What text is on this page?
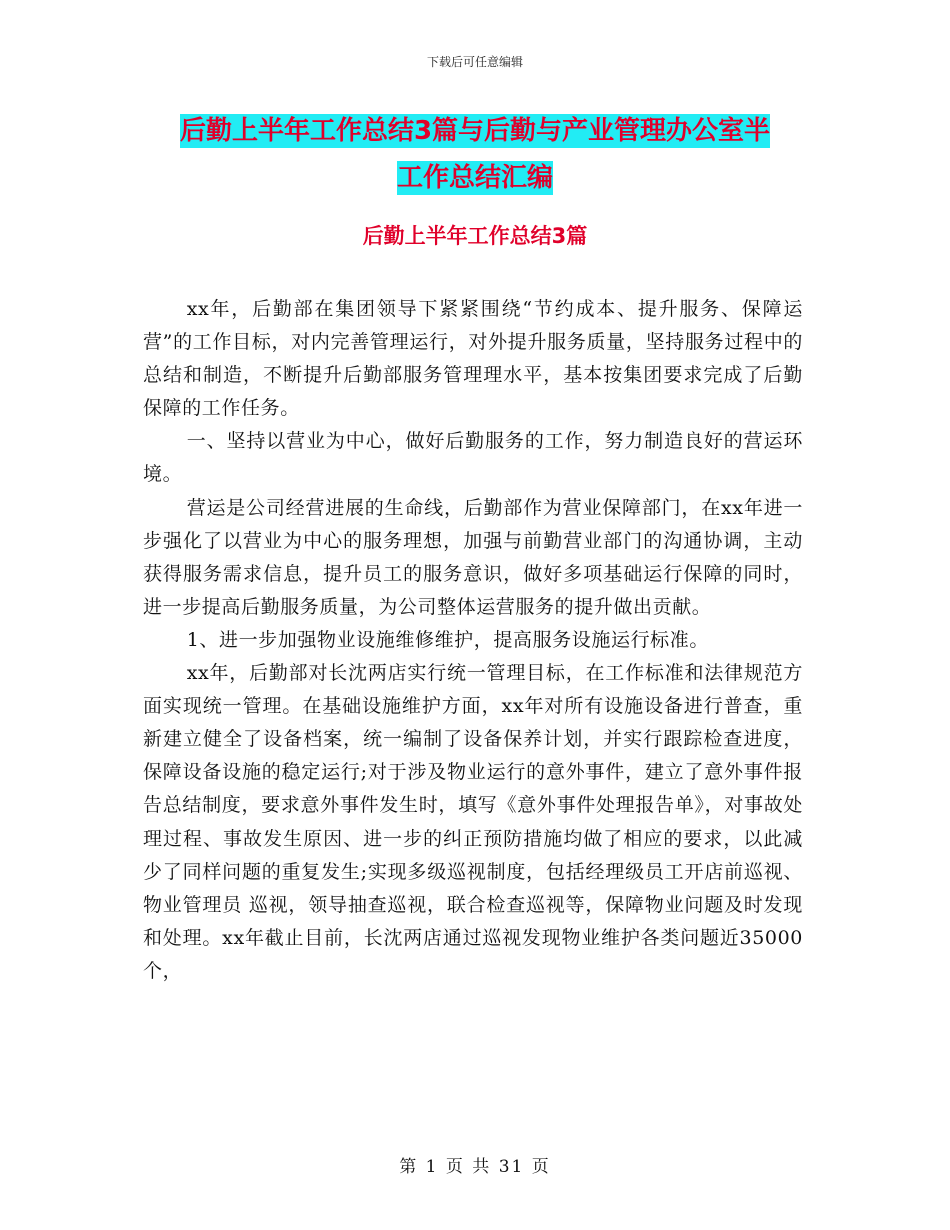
下载后可任意编辑
后勤上半年工作总结3篇与后勤与产业管理办公室半
工作总结汇编
后勤上半年工作总结3篇

xx年，后勤部在集团领导下紧紧围绕“节约成本、提升服务、保障运营”的工作目标，对内完善管理运行，对外提升服务质量，坚持服务过程中的总结和制造，不断提升后勤部服务管理理水平，基本按集团要求完成了后勤保障的工作任务。

一、坚持以营业为中心，做好后勤服务的工作，努力制造良好的营运环境。

营运是公司经营进展的生命线，后勤部作为营业保障部门，在xx年进一步强化了以营业为中心的服务理想，加强与前勤营业部门的沟通协调，主动获得服务需求信息，提升员工的服务意识，做好多项基础运行保障的同时，进一步提高后勤服务质量，为公司整体运营服务的提升做出贡献。

1、进一步加强物业设施维修维护，提高服务设施运行标准。

xx年，后勤部对长沈两店实行统一管理目标，在工作标准和法律规范方面实现统一管理。在基础设施维护方面，xx年对所有设施设备进行普查，重新建立健全了设备档案，统一编制了设备保养计划，并实行跟踪检查进度，保障设备设施的稳定运行;对于涉及物业运行的意外事件，建立了意外事件报告总结制度，要求意外事件发生时，填写《意外事件处理报告单》，对事故处理过程、事故发生原因、进一步的纠正预防措施均做了相应的要求，以此减少了同样问题的重复发生;实现多级巡视制度，包括经理级员工开店前巡视、物业管理员 巡视，领导抽查巡视，联合检查巡视等，保障物业问题及时发现和处理。xx年截止目前，长沈两店通过巡视发现物业维护各类问题近35000个，

第 1 页 共 31 页
